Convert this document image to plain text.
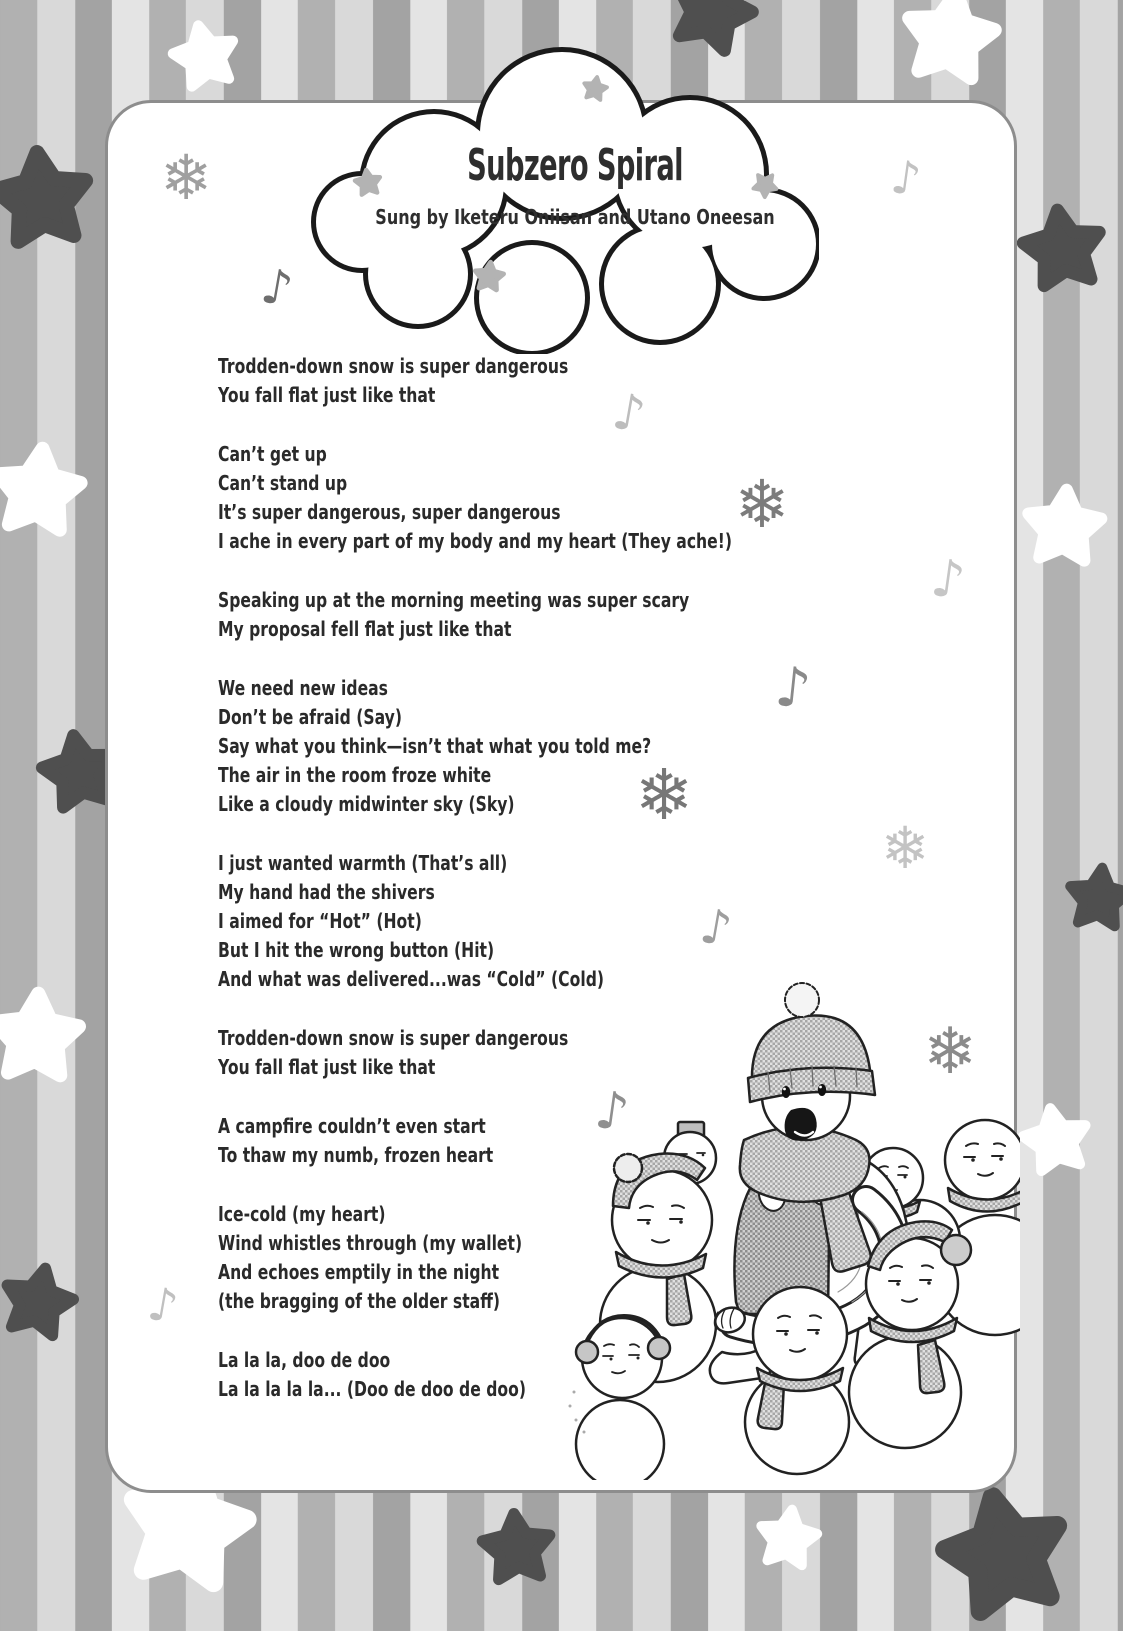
❄
❄
❄
❄
❄
♪
♪
♪
♪
♪
♪
♪
♪
Subzero Spiral
Sung by Iketeru Oniisan and Utano Oneesan
Trodden-down snow is super dangerous
You fall flat just like that
Can’t get up
Can’t stand up
It’s super dangerous, super dangerous
I ache in every part of my body and my heart (They ache!)
Speaking up at the morning meeting was super scary
My proposal fell flat just like that
We need new ideas
Don’t be afraid (Say)
Say what you think—isn’t that what you told me?
The air in the room froze white
Like a cloudy midwinter sky (Sky)
I just wanted warmth (That’s all)
My hand had the shivers
I aimed for “Hot” (Hot)
But I hit the wrong button (Hit)
And what was delivered...was “Cold” (Cold)
Trodden-down snow is super dangerous
You fall flat just like that
A campfire couldn’t even start
To thaw my numb, frozen heart
Ice-cold (my heart)
Wind whistles through (my wallet)
And echoes emptily in the night
(the bragging of the older staff)
La la la, doo de doo
La la la la la... (Doo de doo de doo)
